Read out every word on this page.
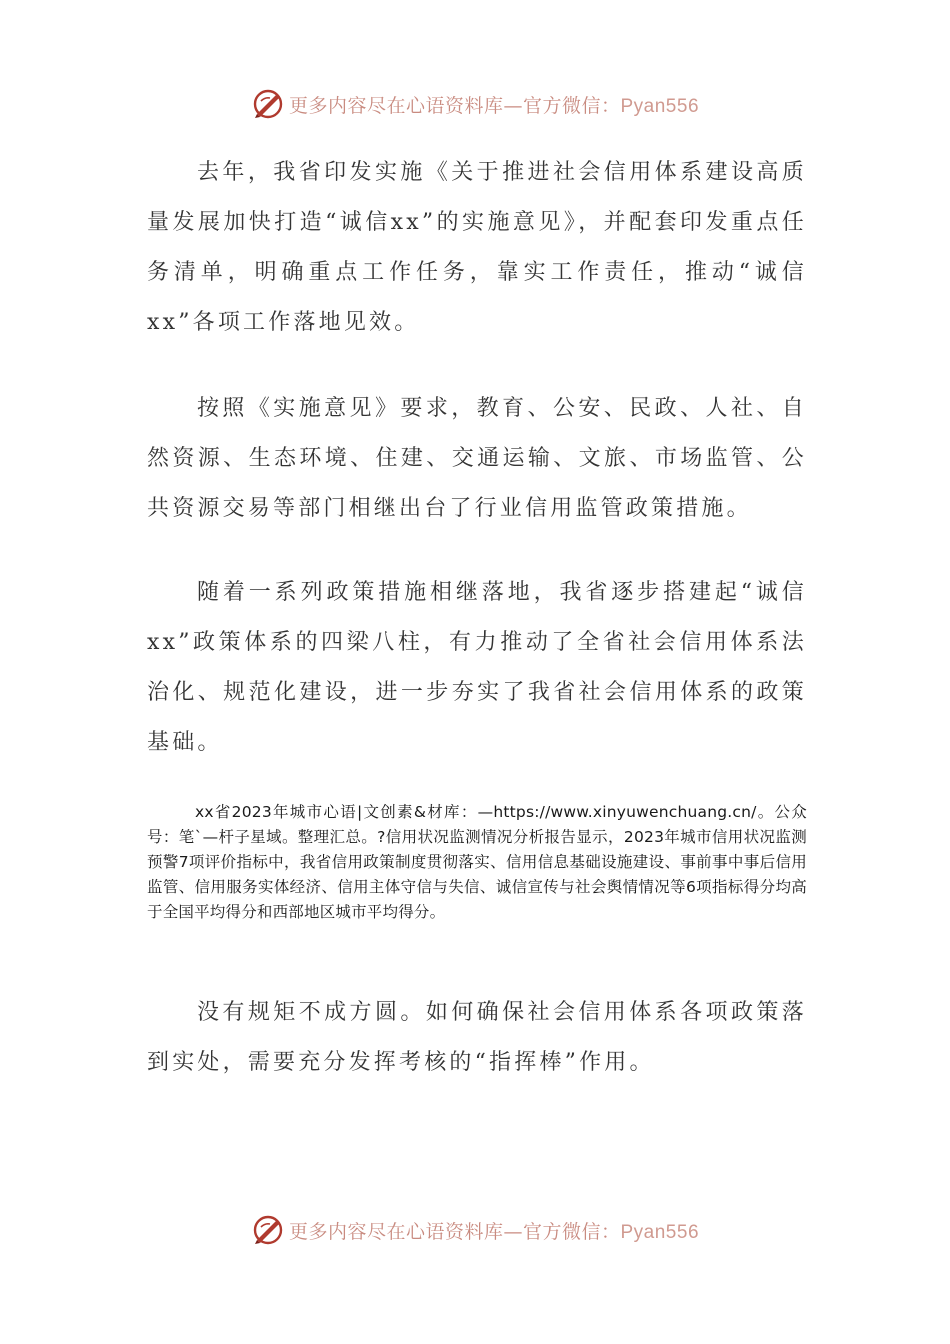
更多内容尽在心语资料库—官方微信：Pyan556

去年，我省印发实施《关于推进社会信用体系建设高质量发展加快打造“诚信xx”的实施意见》，并配套印发重点任务清单，明确重点工作任务，靠实工作责任，推动“诚信xx”各项工作落地见效。

按照《实施意见》要求，教育、公安、民政、人社、自然资源、生态环境、住建、交通运输、文旅、市场监管、公共资源交易等部门相继出台了行业信用监管政策措施。

随着一系列政策措施相继落地，我省逐步搭建起“诚信xx”政策体系的四梁八柱，有力推动了全省社会信用体系法治化、规范化建设，进一步夯实了我省社会信用体系的政策基础。

xx省2023年城市心语|文创素&材库：—https://www.xinyuwenchuang.cn/。公众号：笔`—杆子星域。整理汇总。?信用状况监测情况分析报告显示，2023年城市信用状况监测预警7项评价指标中，我省信用政策制度贯彻落实、信用信息基础设施建设、事前事中事后信用监管、信用服务实体经济、信用主体守信与失信、诚信宣传与社会舆情情况等6项指标得分均高于全国平均得分和西部地区城市平均得分。

没有规矩不成方圆。如何确保社会信用体系各项政策落到实处，需要充分发挥考核的“指挥棒”作用。

更多内容尽在心语资料库—官方微信：Pyan556
